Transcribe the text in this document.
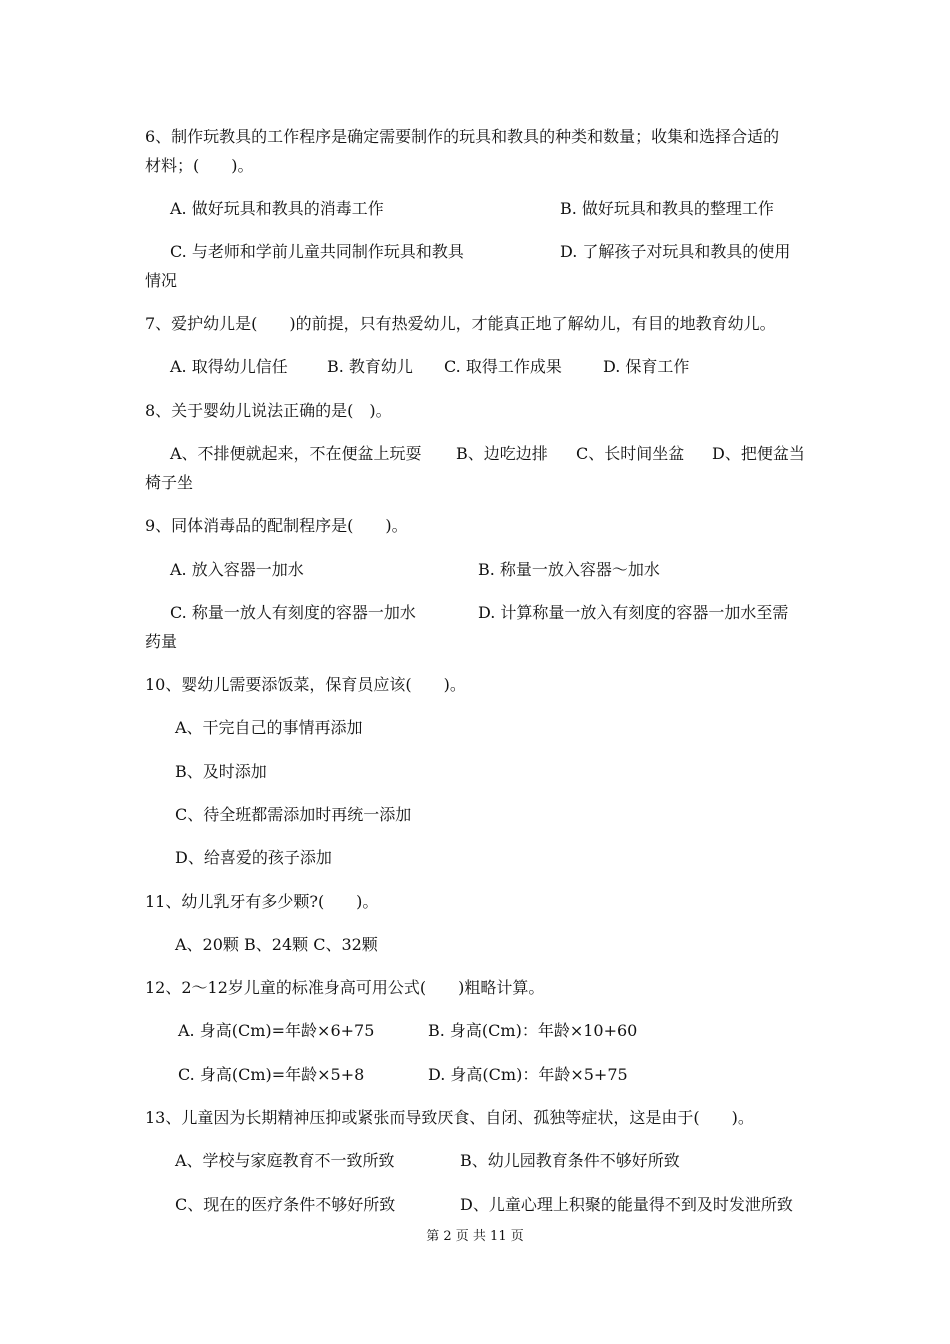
6、制作玩教具的工作程序是确定需要制作的玩具和教具的种类和数量；收集和选择合适的
材料；(　　)。
A. 做好玩具和教具的消毒工作	B. 做好玩具和教具的整理工作
C. 与老师和学前儿童共同制作玩具和教具	D. 了解孩子对玩具和教具的使用
情况
7、爱护幼儿是(　　)的前提，只有热爱幼儿，才能真正地了解幼儿，有目的地教育幼儿。
A. 取得幼儿信任 B. 教育幼儿 C. 取得工作成果	D. 保育工作
8、关于婴幼儿说法正确的是(　)。
A、不排便就起来，不在便盆上玩耍 B、边吃边排 C、长时间坐盆 D、把便盆当
椅子坐
9、同体消毒品的配制程序是(　　)。
A. 放入容器一加水	B. 称量一放入容器～加水
C. 称量一放人有刻度的容器一加水	D. 计算称量一放入有刻度的容器一加水至需
药量
10、婴幼儿需要添饭菜，保育员应该(　　)。
A、干完自己的事情再添加
B、及时添加
C、待全班都需添加时再统一添加
D、给喜爱的孩子添加
11、幼儿乳牙有多少颗?(　　)。
A、20颗 B、24颗 C、32颗
12、2～12岁儿童的标准身高可用公式(　　)粗略计算。
A. 身高(Cm)=年龄×6+75	B. 身高(Cm)：年龄×10+60
C. 身高(Cm)=年龄×5+8	D. 身高(Cm)：年龄×5+75
13、儿童因为长期精神压抑或紧张而导致厌食、自闭、孤独等症状，这是由于(　　)。
A、学校与家庭教育不一致所致	B、幼儿园教育条件不够好所致
C、现在的医疗条件不够好所致	D、儿童心理上积聚的能量得不到及时发泄所致
第 2 页 共 11 页
